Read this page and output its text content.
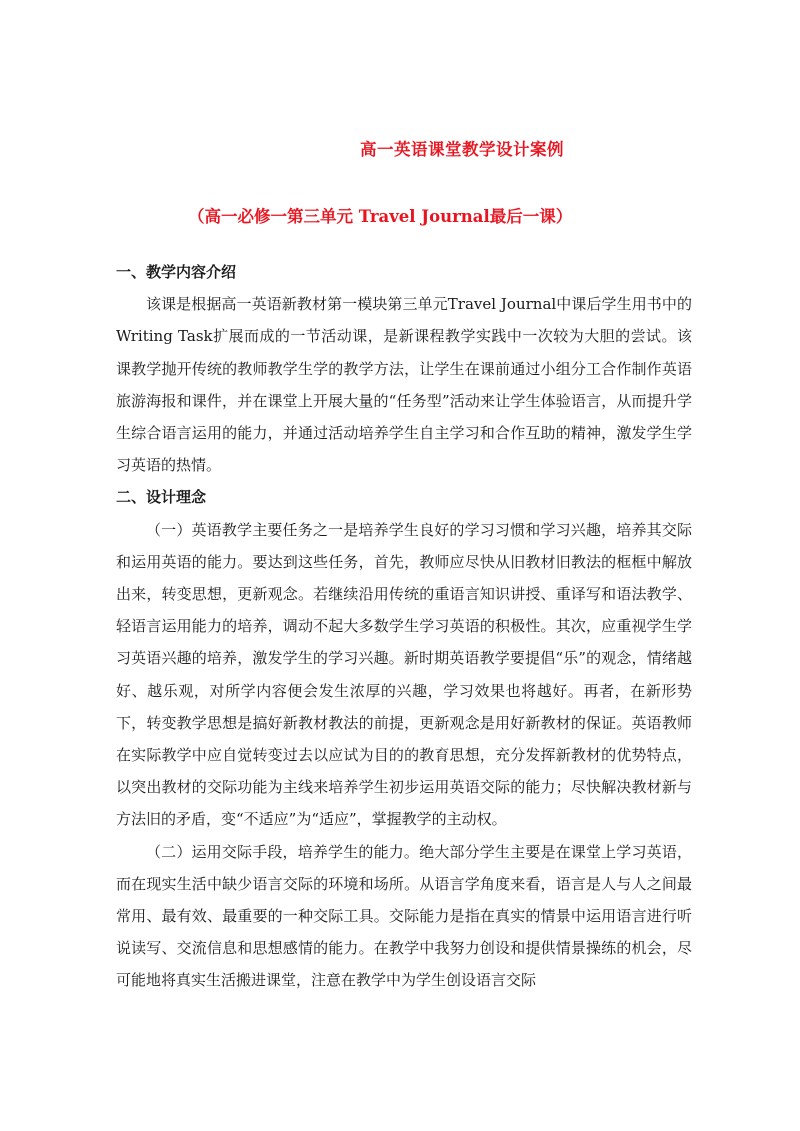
高一英语课堂教学设计案例
（高一必修一第三单元 Travel Journal最后一课）
一、教学内容介绍

该课是根据高一英语新教材第一模块第三单元Travel Journal中课后学生用书中的Writing Task扩展而成的一节活动课，是新课程教学实践中一次较为大胆的尝试。该课教学抛开传统的教师教学生学的教学方法，让学生在课前通过小组分工合作制作英语旅游海报和课件，并在课堂上开展大量的“任务型”活动来让学生体验语言，从而提升学生综合语言运用的能力，并通过活动培养学生自主学习和合作互助的精神，激发学生学习英语的热情。

二、设计理念

（一）英语教学主要任务之一是培养学生良好的学习习惯和学习兴趣，培养其交际和运用英语的能力。要达到这些任务，首先，教师应尽快从旧教材旧教法的框框中解放出来，转变思想，更新观念。若继续沿用传统的重语言知识讲授、重译写和语法教学、轻语言运用能力的培养，调动不起大多数学生学习英语的积极性。其次，应重视学生学习英语兴趣的培养，激发学生的学习兴趣。新时期英语教学要提倡“乐”的观念，情绪越好、越乐观，对所学内容便会发生浓厚的兴趣，学习效果也将越好。再者，在新形势下，转变教学思想是搞好新教材教法的前提，更新观念是用好新教材的保证。英语教师在实际教学中应自觉转变过去以应试为目的的教育思想，充分发挥新教材的优势特点，以突出教材的交际功能为主线来培养学生初步运用英语交际的能力；尽快解决教材新与方法旧的矛盾，变“不适应”为“适应”，掌握教学的主动权。

（二）运用交际手段，培养学生的能力。绝大部分学生主要是在课堂上学习英语，而在现实生活中缺少语言交际的环境和场所。从语言学角度来看，语言是人与人之间最常用、最有效、最重要的一种交际工具。交际能力是指在真实的情景中运用语言进行听说读写、交流信息和思想感情的能力。在教学中我努力创设和提供情景操练的机会，尽可能地将真实生活搬进课堂，注意在教学中为学生创设语言交际
